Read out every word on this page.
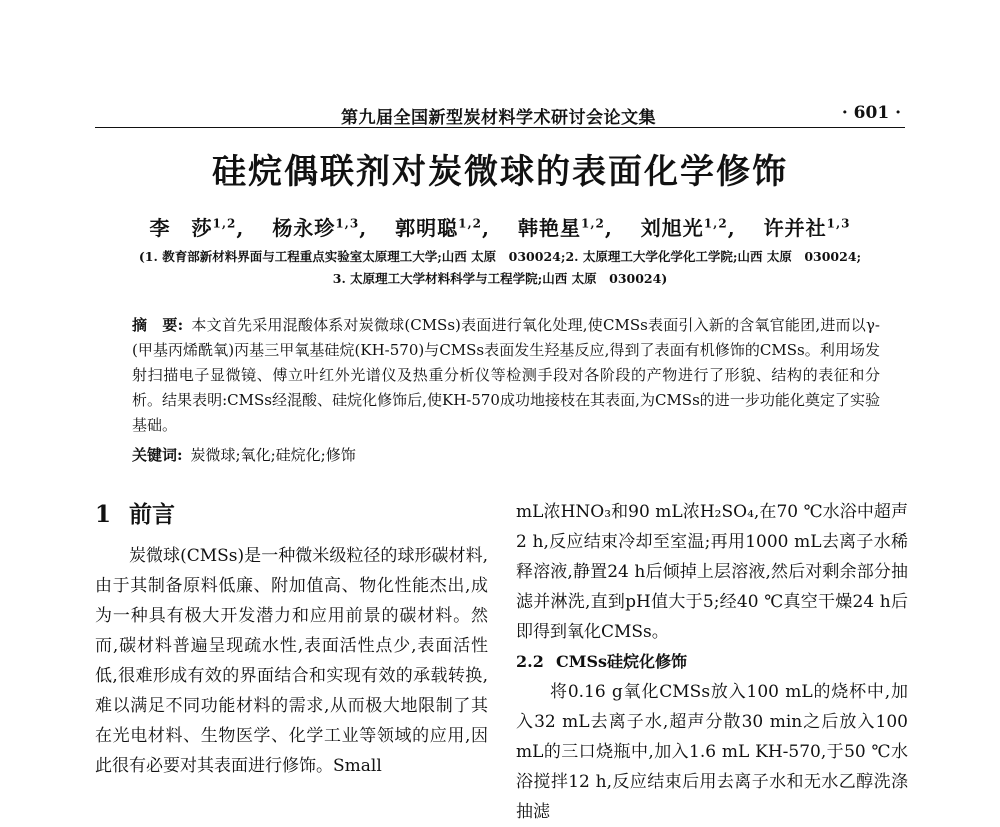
第九届全国新型炭材料学术研讨会论文集	· 601 ·
硅烷偶联剂对炭微球的表面化学修饰
李　莎$^{1,2}$, 杨永珍$^{1,3}$, 郭明聪$^{1,2}$, 韩艳星$^{1,2}$, 刘旭光$^{1,2}$, 许并社$^{1,3}$
(1. 教育部新材料界面与工程重点实验室太原理工大学;山西 太原　030024;2. 太原理工大学化学化工学院;山西 太原　030024;
3. 太原理工大学材料科学与工程学院;山西 太原　030024)
摘　要: 本文首先采用混酸体系对炭微球(CMSs)表面进行氧化处理,使CMSs表面引入新的含氧官能团,进而以γ-(甲基丙烯酰氧)丙基三甲氧基硅烷(KH-570)与CMSs表面发生羟基反应,得到了表面有机修饰的CMSs。利用场发射扫描电子显微镜、傅立叶红外光谱仪及热重分析仪等检测手段对各阶段的产物进行了形貌、结构的表征和分析。结果表明:CMSs经混酸、硅烷化修饰后,使KH-570成功地接枝在其表面,为CMSs的进一步功能化奠定了实验基础。
关键词: 炭微球;氧化;硅烷化;修饰
1 前言

炭微球(CMSs)是一种微米级粒径的球形碳材料,由于其制备原料低廉、附加值高、物化性能杰出,成为一种具有极大开发潜力和应用前景的碳材料。然而,碳材料普遍呈现疏水性,表面活性点少,表面活性低,很难形成有效的界面结合和实现有效的承载转换,难以满足不同功能材料的需求,从而极大地限制了其在光电材料、生物医学、化学工业等领域的应用,因此很有必要对其表面进行修饰。Small

mL浓HNO₃和90 mL浓H₂SO₄,在70 ℃水浴中超声2 h,反应结束冷却至室温;再用1000 mL去离子水稀释溶液,静置24 h后倾掉上层溶液,然后对剩余部分抽滤并淋洗,直到pH值大于5;经40 ℃真空干燥24 h后即得到氧化CMSs。

2.2 CMSs硅烷化修饰

将0.16 g氧化CMSs放入100 mL的烧杯中,加入32 mL去离子水,超声分散30 min之后放入100 mL的三口烧瓶中,加入1.6 mL KH-570,于50 ℃水浴搅拌12 h,反应结束后用去离子水和无水乙醇洗涤抽滤
